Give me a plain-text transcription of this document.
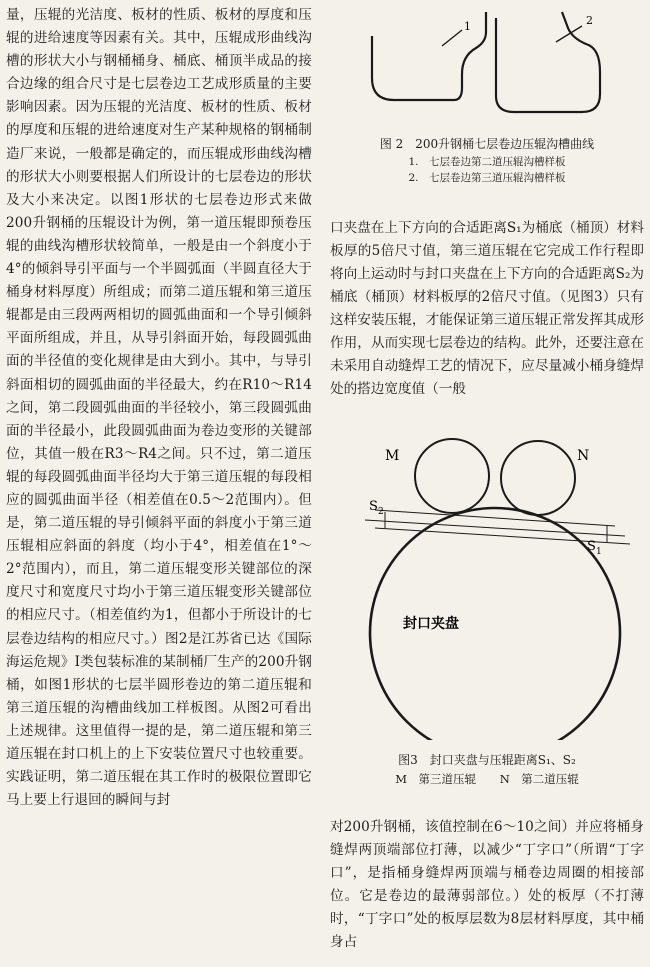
量，压辊的光洁度、板材的性质、板材的厚度和压辊的进给速度等因素有关。其中，压辊成形曲线沟槽的形状大小与钢桶桶身、桶底、桶顶半成品的接合边缘的组合尺寸是七层卷边工艺成形质量的主要影响因素。因为压辊的光洁度、板材的性质、板材的厚度和压辊的进给速度对生产某种规格的钢桶制造厂来说，一般都是确定的，而压辊成形曲线沟槽的形状大小则要根据人们所设计的七层卷边的形状及大小来决定。以图1形状的七层卷边形式来做200升钢桶的压辊设计为例，第一道压辊即预卷压辊的曲线沟槽形状较简单，一般是由一个斜度小于4°的倾斜导引平面与一个半圆弧面（半圆直径大于桶身材料厚度）所组成；而第二道压辊和第三道压辊都是由三段两两相切的圆弧曲面和一个导引倾斜平面所组成，并且，从导引斜面开始，每段圆弧曲面的半径值的变化规律是由大到小。其中，与导引斜面相切的圆弧曲面的半径最大，约在R10～R14之间，第二段圆弧曲面的半径较小，第三段圆弧曲面的半径最小，此段圆弧曲面为卷边变形的关键部位，其值一般在R3～R4之间。只不过，第二道压辊的每段圆弧曲面半径均大于第三道压辊的每段相应的圆弧曲面半径（相差值在0.5～2范围内）。但是，第二道压辊的导引倾斜平面的斜度小于第三道压辊相应斜面的斜度（均小于4°，相差值在1°～2°范围内），而且，第二道压辊变形关键部位的深度尺寸和宽度尺寸均小于第三道压辊变形关键部位的相应尺寸。（相差值约为1，但都小于所设计的七层卷边结构的相应尺寸。）图2是江苏省已达《国际海运危规》Ⅰ类包装标准的某制桶厂生产的200升钢桶，如图1形状的七层半圆形卷边的第二道压辊和第三道压辊的沟槽曲线加工样板图。从图2可看出上述规律。这里值得一提的是，第二道压辊和第三道压辊在封口机上的上下安装位置尺寸也较重要。实践证明，第二道压辊在其工作时的极限位置即它马上要上行退回的瞬间与封

1	2
图 2　200升钢桶七层卷边压辊沟槽曲线
1.　七层卷边第二道压辊沟槽样板
2.　七层卷边第三道压辊沟槽样板

口夹盘在上下方向的合适距离S₁为桶底（桶顶）材料板厚的5倍尺寸值，第三道压辊在它完成工作行程即将向上运动时与封口夹盘在上下方向的合适距离S₂为桶底（桶顶）材料板厚的2倍尺寸值。（见图3）只有这样安装压辊，才能保证第三道压辊正常发挥其成形作用，从而实现七层卷边的结构。此外，还要注意在未采用自动缝焊工艺的情况下，应尽量减小桶身缝焊处的搭边宽度值（一般

M	N
S 2
S 1
封口夹盘
图3　封口夹盘与压辊距离S₁、S₂
M　第三道压辊 N　第二道压辊

对200升钢桶，该值控制在6～10之间）并应将桶身缝焊两顶端部位打薄，以减少“丁字口”（所谓“丁字口”，是指桶身缝焊两顶端与桶卷边周圈的相接部位。它是卷边的最薄弱部位。）处的板厚（不打薄时，“丁字口”处的板厚层数为8层材料厚度，其中桶身占
